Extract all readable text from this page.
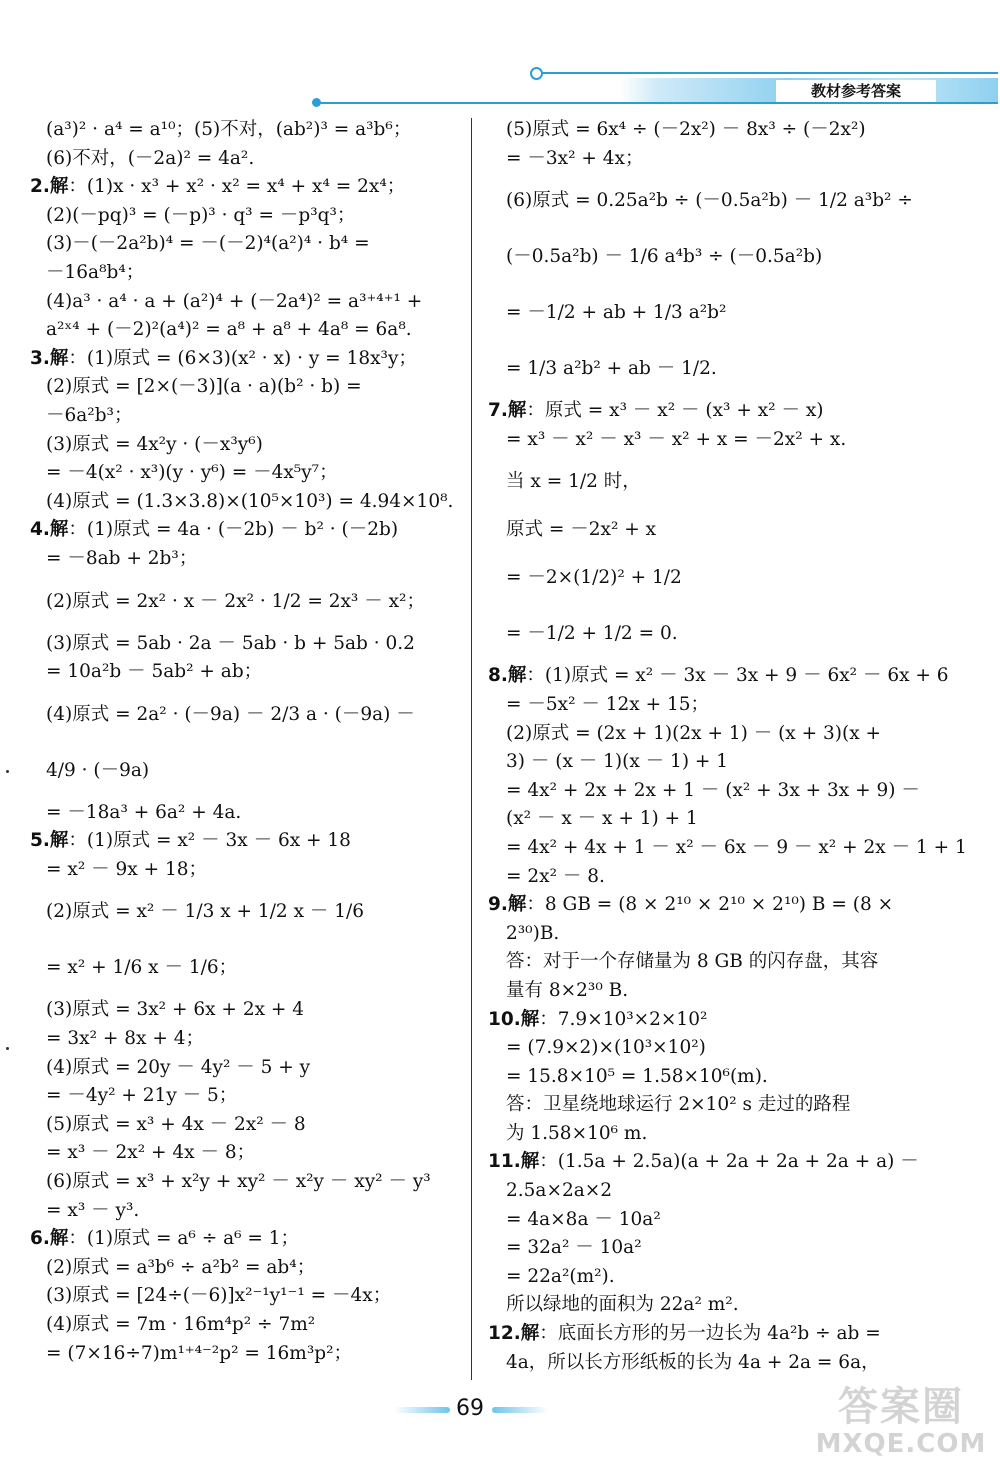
教材参考答案
(a³)² · a⁴ = a¹⁰；(5)不对，(ab²)³ = a³b⁶；
(6)不对，(－2a)² = 4a².
2.解：(1)x · x³ + x² · x² = x⁴ + x⁴ = 2x⁴；
(2)(－pq)³ = (－p)³ · q³ = －p³q³；
(3)－(－2a²b)⁴ = －(－2)⁴(a²)⁴ · b⁴ =
－16a⁸b⁴；
(4)a³ · a⁴ · a + (a²)⁴ + (－2a⁴)² = a³⁺⁴⁺¹ +
a²ˣ⁴ + (－2)²(a⁴)² = a⁸ + a⁸ + 4a⁸ = 6a⁸.
3.解：(1)原式 = (6×3)(x² · x) · y = 18x³y；
(2)原式 = [2×(－3)](a · a)(b² · b) =
－6a²b³；
(3)原式 = 4x²y · (－x³y⁶)
= －4(x² · x³)(y · y⁶) = －4x⁵y⁷；
(4)原式 = (1.3×3.8)×(10⁵×10³) = 4.94×10⁸.
4.解：(1)原式 = 4a · (－2b) － b² · (－2b)
= －8ab + 2b³；
(2)原式 = 2x² · x － 2x² · 1/2 = 2x³ － x²；
(3)原式 = 5ab · 2a － 5ab · b + 5ab · 0.2
= 10a²b － 5ab² + ab；
(4)原式 = 2a² · (－9a) － 2/3 a · (－9a) －
4/9 · (－9a)
= －18a³ + 6a² + 4a.
5.解：(1)原式 = x² － 3x － 6x + 18
= x² － 9x + 18；
(2)原式 = x² － 1/3 x + 1/2 x － 1/6
= x² + 1/6 x － 1/6；
(3)原式 = 3x² + 6x + 2x + 4
= 3x² + 8x + 4；
(4)原式 = 20y － 4y² － 5 + y
= －4y² + 21y － 5；
(5)原式 = x³ + 4x － 2x² － 8
= x³ － 2x² + 4x － 8；
(6)原式 = x³ + x²y + xy² － x²y － xy² － y³
= x³ － y³.
6.解：(1)原式 = a⁶ ÷ a⁶ = 1；
(2)原式 = a³b⁶ ÷ a²b² = ab⁴；
(3)原式 = [24÷(－6)]x²⁻¹y¹⁻¹ = －4x；
(4)原式 = 7m · 16m⁴p² ÷ 7m²
= (7×16÷7)m¹⁺⁴⁻²p² = 16m³p²；
(5)原式 = 6x⁴ ÷ (－2x²) － 8x³ ÷ (－2x²)
= －3x² + 4x；
(6)原式 = 0.25a²b ÷ (－0.5a²b) － 1/2 a³b² ÷
(－0.5a²b) － 1/6 a⁴b³ ÷ (－0.5a²b)
= －1/2 + ab + 1/3 a²b²
= 1/3 a²b² + ab － 1/2.
7.解：原式 = x³ － x² － (x³ + x² － x)
= x³ － x² － x³ － x² + x = －2x² + x.
当 x = 1/2 时，
原式 = －2x² + x
= －2×(1/2)² + 1/2
= －1/2 + 1/2 = 0.
8.解：(1)原式 = x² － 3x － 3x + 9 － 6x² － 6x + 6
= －5x² － 12x + 15；
(2)原式 = (2x + 1)(2x + 1) － (x + 3)(x +
3) － (x － 1)(x － 1) + 1
= 4x² + 2x + 2x + 1 － (x² + 3x + 3x + 9) －
(x² － x － x + 1) + 1
= 4x² + 4x + 1 － x² － 6x － 9 － x² + 2x － 1 + 1
= 2x² － 8.
9.解：8 GB = (8 × 2¹⁰ × 2¹⁰ × 2¹⁰) B = (8 ×
2³⁰)B.
答：对于一个存储量为 8 GB 的闪存盘，其容
量有 8×2³⁰ B.
10.解：7.9×10³×2×10²
= (7.9×2)×(10³×10²)
= 15.8×10⁵ = 1.58×10⁶(m).
答：卫星绕地球运行 2×10² s 走过的路程
为 1.58×10⁶ m.
11.解：(1.5a + 2.5a)(a + 2a + 2a + 2a + a) －
2.5a×2a×2
= 4a×8a － 10a²
= 32a² － 10a²
= 22a²(m²).
所以绿地的面积为 22a² m².
12.解：底面长方形的另一边长为 4a²b ÷ ab =
4a，所以长方形纸板的长为 4a + 2a = 6a，
69	答案圈
MXQE.COM
